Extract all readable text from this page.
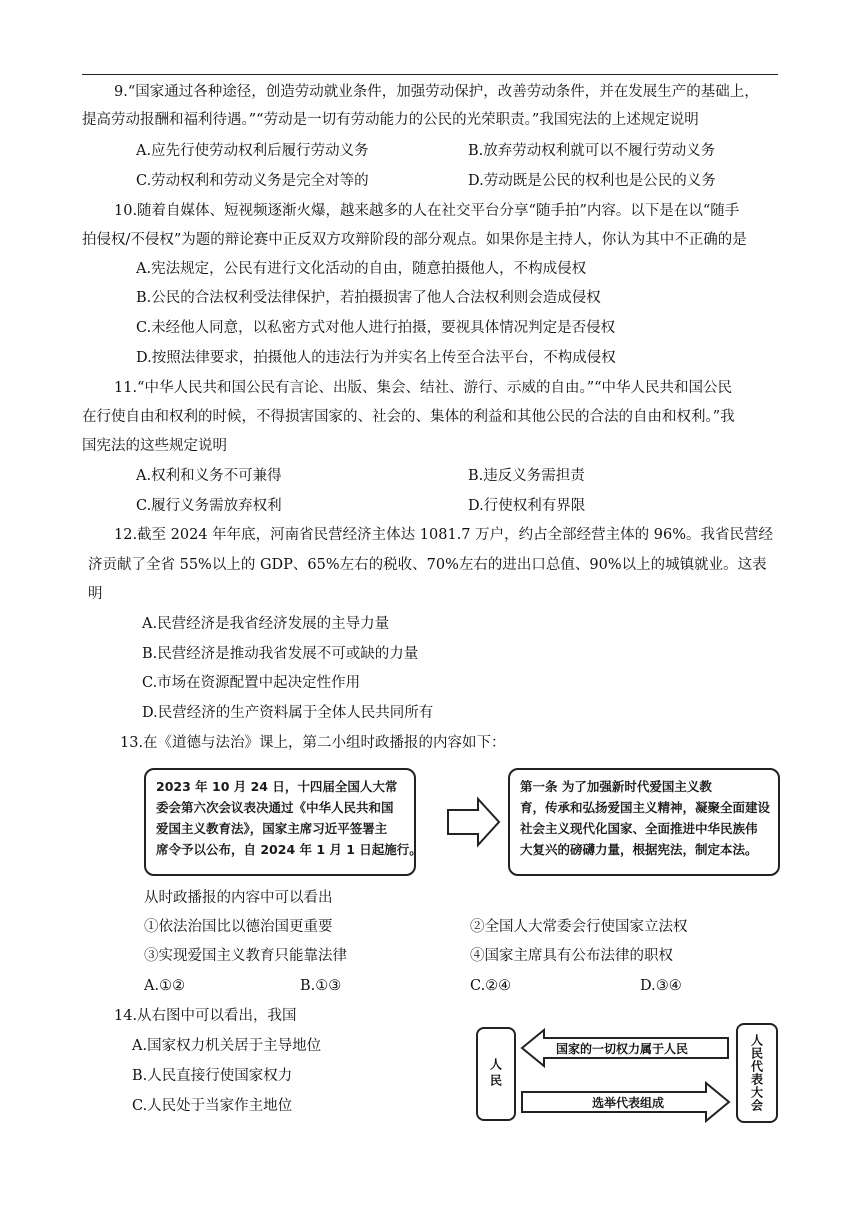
9.“国家通过各种途径，创造劳动就业条件，加强劳动保护，改善劳动条件，并在发展生产的基础上，
提高劳动报酬和福利待遇。”“劳动是一切有劳动能力的公民的光荣职责。”我国宪法的上述规定说明
A.应先行使劳动权利后履行劳动义务	B.放弃劳动权利就可以不履行劳动义务
C.劳动权利和劳动义务是完全对等的	D.劳动既是公民的权利也是公民的义务
10.随着自媒体、短视频逐渐火爆，越来越多的人在社交平台分享“随手拍”内容。以下是在以“随手
拍侵权/不侵权”为题的辩论赛中正反双方攻辩阶段的部分观点。如果你是主持人，你认为其中不正确的是
A.宪法规定，公民有进行文化活动的自由，随意拍摄他人，不构成侵权
B.公民的合法权利受法律保护，若拍摄损害了他人合法权利则会造成侵权
C.未经他人同意，以私密方式对他人进行拍摄，要视具体情况判定是否侵权
D.按照法律要求，拍摄他人的违法行为并实名上传至合法平台，不构成侵权
11.“中华人民共和国公民有言论、出版、集会、结社、游行、示威的自由。”“中华人民共和国公民
在行使自由和权利的时候，不得损害国家的、社会的、集体的利益和其他公民的合法的自由和权利。”我
国宪法的这些规定说明
A.权利和义务不可兼得	B.违反义务需担责
C.履行义务需放弃权利	D.行使权利有界限
12.截至 2024 年年底，河南省民营经济主体达 1081.7 万户，约占全部经营主体的 96%。我省民营经
济贡献了全省 55%以上的 GDP、65%左右的税收、70%左右的进出口总值、90%以上的城镇就业。这表
明
A.民营经济是我省经济发展的主导力量
B.民营经济是推动我省发展不可或缺的力量
C.市场在资源配置中起决定性作用
D.民营经济的生产资料属于全体人民共同所有
13.在《道德与法治》课上，第二小组时政播报的内容如下：
2023 年 10 月 24 日，十四届全国人大常
委会第六次会议表决通过《中华人民共和国
爱国主义教育法》，国家主席习近平签署主
席令予以公布，自 2024 年 1 月 1 日起施行。
第一条 为了加强新时代爱国主义教
育，传承和弘扬爱国主义精神，凝聚全面建设
社会主义现代化国家、全面推进中华民族伟
大复兴的磅礴力量，根据宪法，制定本法。
从时政播报的内容中可以看出
①依法治国比以德治国更重要	②全国人大常委会行使国家立法权
③实现爱国主义教育只能靠法律	④国家主席具有公布法律的职权
A.①②	B.①③	C.②④	D.③④
14.从右图中可以看出，我国
A.国家权力机关居于主导地位
B.人民直接行使国家权力
C.人民处于当家作主地位
人民
国家的一切权力属于人民
选举代表组成	人民代表大会
